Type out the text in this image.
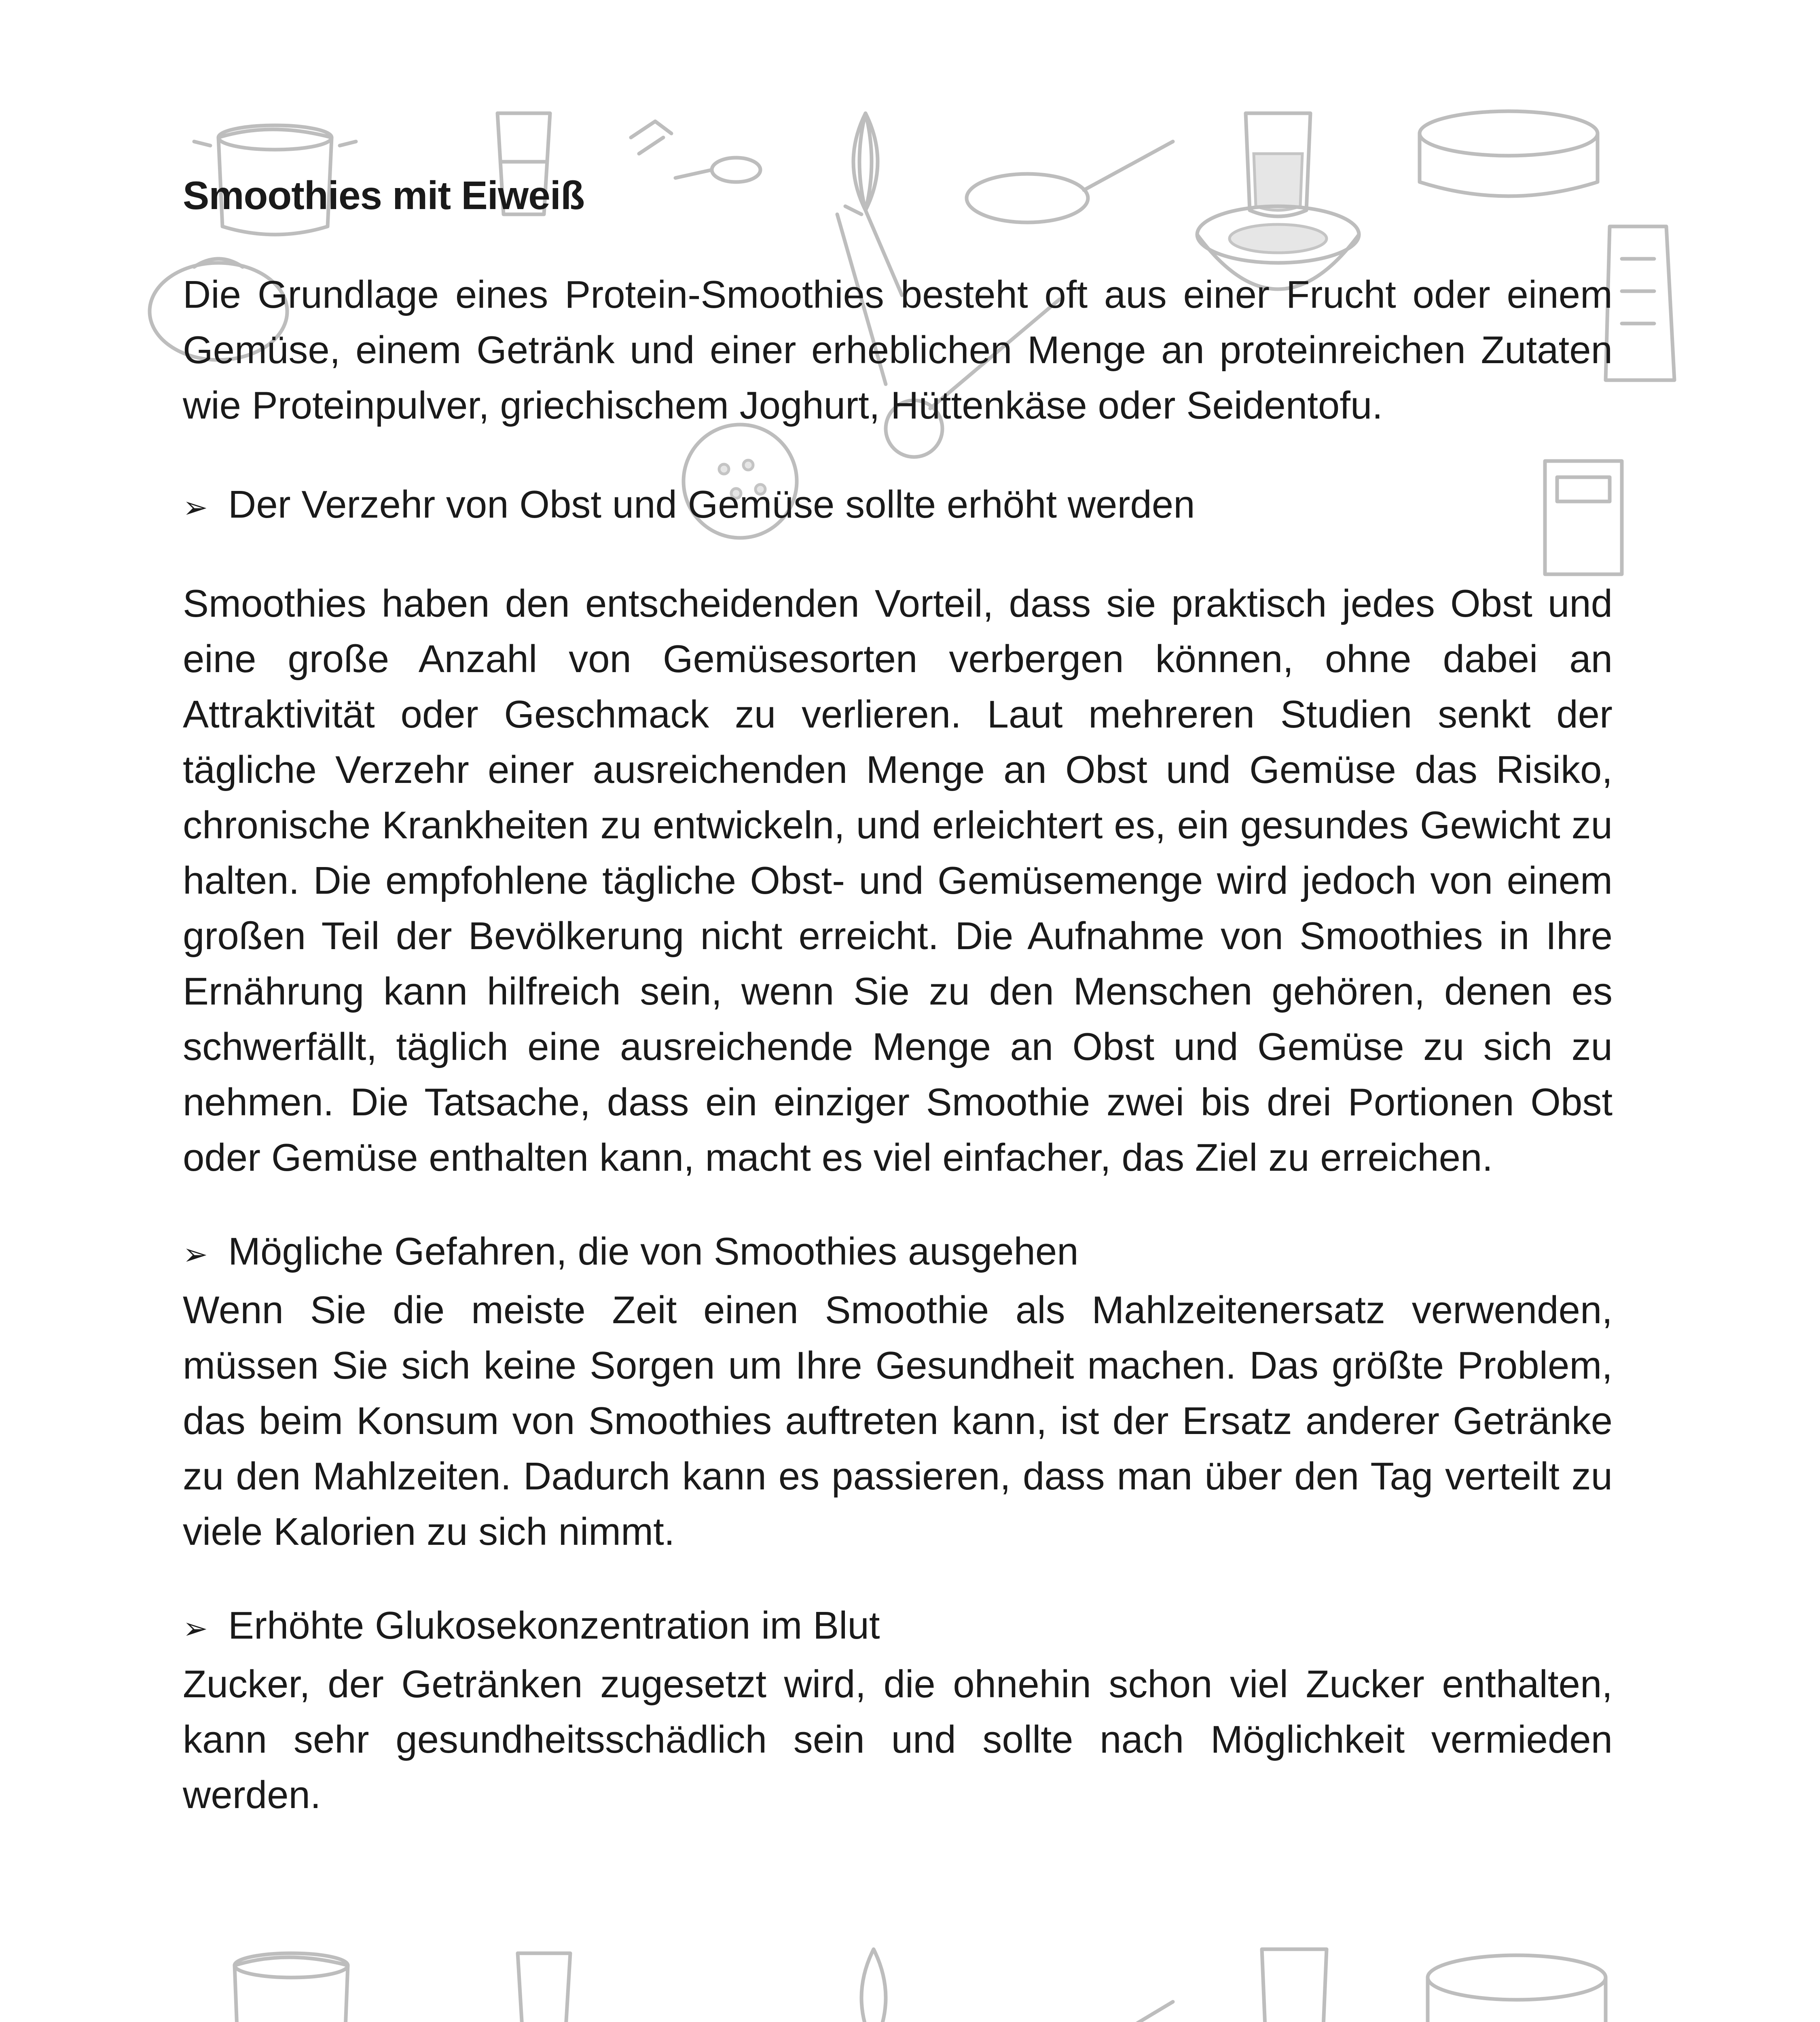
Smoothies mit Eiweiß

Die Grundlage eines Protein-Smoothies besteht oft aus einer Frucht oder einem Gemüse, einem Getränk und einer erheblichen Menge an proteinreichen Zutaten wie Proteinpulver, griechischem Joghurt, Hüttenkäse oder Seidentofu.

➢ Der Verzehr von Obst und Gemüse sollte erhöht werden

Smoothies haben den entscheidenden Vorteil, dass sie praktisch jedes Obst und eine große Anzahl von Gemüsesorten verbergen können, ohne dabei an Attraktivität oder Geschmack zu verlieren. Laut mehreren Studien senkt der tägliche Verzehr einer ausreichenden Menge an Obst und Gemüse das Risiko, chronische Krankheiten zu entwickeln, und erleichtert es, ein gesundes Gewicht zu halten. Die empfohlene tägliche Obst- und Gemüsemenge wird jedoch von einem großen Teil der Bevölkerung nicht erreicht. Die Aufnahme von Smoothies in Ihre Ernährung kann hilfreich sein, wenn Sie zu den Menschen gehören, denen es schwerfällt, täglich eine ausreichende Menge an Obst und Gemüse zu sich zu nehmen. Die Tatsache, dass ein einziger Smoothie zwei bis drei Portionen Obst oder Gemüse enthalten kann, macht es viel einfacher, das Ziel zu erreichen.

➢ Mögliche Gefahren, die von Smoothies ausgehen

Wenn Sie die meiste Zeit einen Smoothie als Mahlzeitenersatz verwenden, müssen Sie sich keine Sorgen um Ihre Gesundheit machen. Das größte Problem, das beim Konsum von Smoothies auftreten kann, ist der Ersatz anderer Getränke zu den Mahlzeiten. Dadurch kann es passieren, dass man über den Tag verteilt zu viele Kalorien zu sich nimmt.

➢ Erhöhte Glukosekonzentration im Blut

Zucker, der Getränken zugesetzt wird, die ohnehin schon viel Zucker enthalten, kann sehr gesundheitsschädlich sein und sollte nach Möglichkeit vermieden werden.
